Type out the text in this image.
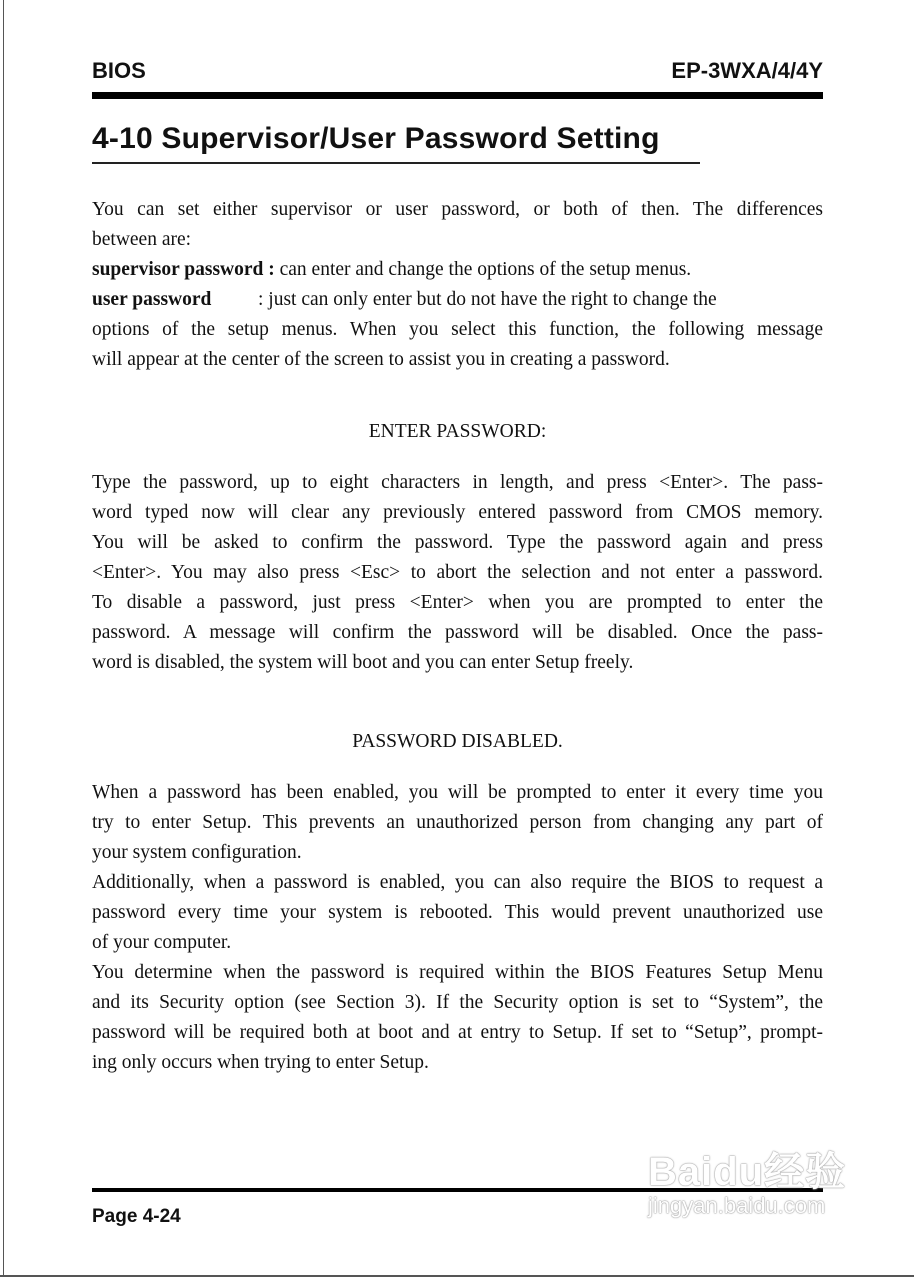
BIOS	EP-3WXA/4/4Y
4-10 Supervisor/User Password Setting
You can set either supervisor or user password, or both of then. The differences
between are:
supervisor password : can enter and change the options of the setup menus.
user password : just can only enter but do not have the right to change the
options of the setup menus. When you select this function, the following message
will appear at the center of the screen to assist you in creating a password.
ENTER PASSWORD:
Type the password, up to eight characters in length, and press <Enter>. The pass-
word typed now will clear any previously entered password from CMOS memory.
You will be asked to confirm the password. Type the password again and press
<Enter>. You may also press <Esc> to abort the selection and not enter a password.
To disable a password, just press <Enter> when you are prompted to enter the
password. A message will confirm the password will be disabled. Once the pass-
word is disabled, the system will boot and you can enter Setup freely.
PASSWORD DISABLED.
When a password has been enabled, you will be prompted to enter it every time you
try to enter Setup. This prevents an unauthorized person from changing any part of
your system configuration.
Additionally, when a password is enabled, you can also require the BIOS to request a
password every time your system is rebooted. This would prevent unauthorized use
of your computer.
You determine when the password is required within the BIOS Features Setup Menu
and its Security option (see Section 3). If the Security option is set to “System”, the
password will be required both at boot and at entry to Setup. If set to “Setup”, prompt-
ing only occurs when trying to enter Setup.
Page 4-24
Baidu经验
jingyan.baidu.com
